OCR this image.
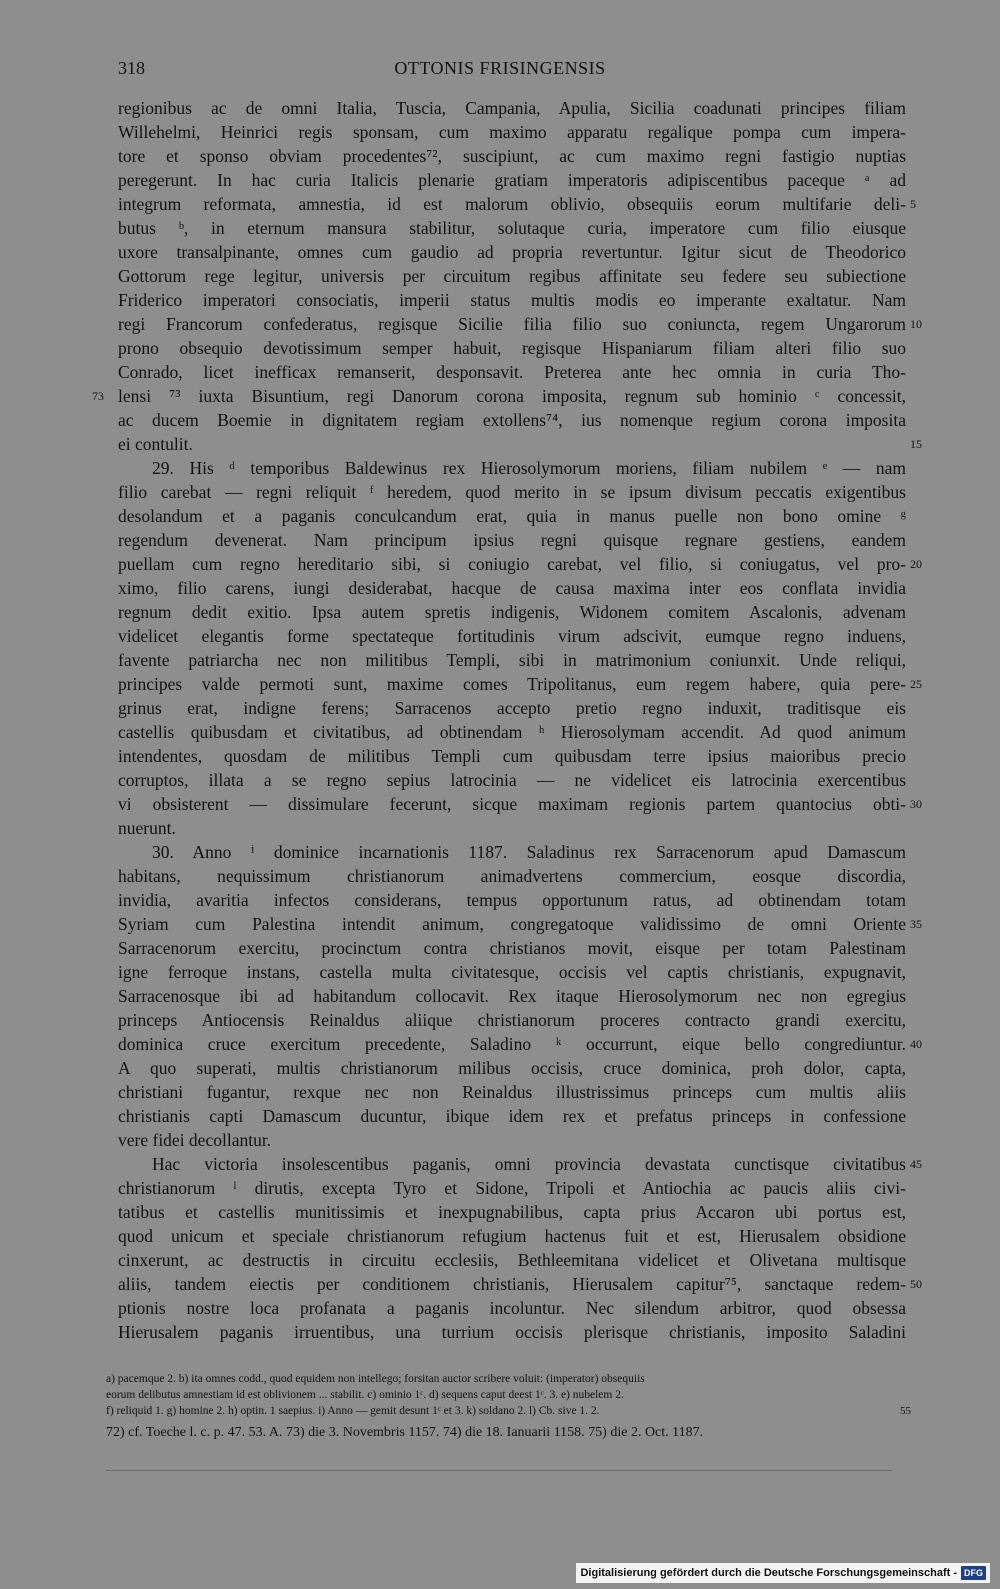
318	OTTONIS FRISINGENSIS
regionibus ac de omni Italia, Tuscia, Campania, Apulia, Sicilia coadunati principes filiam
Willehelmi, Heinrici regis sponsam, cum maximo apparatu regalique pompa cum impera-
tore et sponso obviam procedentes⁷², suscipiunt, ac cum maximo regni fastigio nuptias
peregerunt. In hac curia Italicis plenarie gratiam imperatoris adipiscentibus paceque ᵃ ad
integrum reformata, amnestia, id est malorum oblivio, obsequiis eorum multifarie deli- 5
butus ᵇ, in eternum mansura stabilitur, solutaque curia, imperatore cum filio eiusque
uxore transalpinante, omnes cum gaudio ad propria revertuntur. Igitur sicut de Theodorico
Gottorum rege legitur, universis per circuitum regibus affinitate seu federe seu subiectione
Friderico imperatori consociatis, imperii status multis modis eo imperante exaltatur. Nam
regi Francorum confederatus, regisque Sicilie filia filio suo coniuncta, regem Ungarorum 10
prono obsequio devotissimum semper habuit, regisque Hispaniarum filiam alteri filio suo
Conrado, licet inefficax remanserit, desponsavit. Preterea ante hec omnia in curia Tho-
lensi ⁷³ iuxta Bisuntium, regi Danorum corona imposita, regnum sub hominio ᶜ concessit,
73
ac ducem Boemie in dignitatem regiam extollens⁷⁴, ius nomenque regium corona imposita
ei contulit.	15
29. His ᵈ temporibus Baldewinus rex Hierosolymorum moriens, filiam nubilem ᵉ — nam
filio carebat — regni reliquit ᶠ heredem, quod merito in se ipsum divisum peccatis exigentibus
desolandum et a paganis conculcandum erat, quia in manus puelle non bono omine ᵍ
regendum devenerat. Nam principum ipsius regni quisque regnare gestiens, eandem
puellam cum regno hereditario sibi, si coniugio carebat, vel filio, si coniugatus, vel pro- 20
ximo, filio carens, iungi desiderabat, hacque de causa maxima inter eos conflata invidia
regnum dedit exitio. Ipsa autem spretis indigenis, Widonem comitem Ascalonis, advenam
videlicet elegantis forme spectateque fortitudinis virum adscivit, eumque regno induens,
favente patriarcha nec non militibus Templi, sibi in matrimonium coniunxit. Unde reliqui,
principes valde permoti sunt, maxime comes Tripolitanus, eum regem habere, quia pere- 25
grinus erat, indigne ferens; Sarracenos accepto pretio regno induxit, traditisque eis
castellis quibusdam et civitatibus, ad obtinendam ʰ Hierosolymam accendit. Ad quod animum
intendentes, quosdam de militibus Templi cum quibusdam terre ipsius maioribus precio
corruptos, illata a se regno sepius latrocinia — ne videlicet eis latrocinia exercentibus
vi obsisterent — dissimulare fecerunt, sicque maximam regionis partem quantocius obti- 30
nuerunt.
30. Anno ⁱ dominice incarnationis 1187. Saladinus rex Sarracenorum apud Damascum
habitans, nequissimum christianorum animadvertens commercium, eosque discordia,
invidia, avaritia infectos considerans, tempus opportunum ratus, ad obtinendam totam
Syriam cum Palestina intendit animum, congregatoque validissimo de omni Oriente 35
Sarracenorum exercitu, procinctum contra christianos movit, eisque per totam Palestinam
igne ferroque instans, castella multa civitatesque, occisis vel captis christianis, expugnavit,
Sarracenosque ibi ad habitandum collocavit. Rex itaque Hierosolymorum nec non egregius
princeps Antiocensis Reinaldus aliique christianorum proceres contracto grandi exercitu,
dominica cruce exercitum precedente, Saladino ᵏ occurrunt, eique bello congrediuntur. 40
A quo superati, multis christianorum milibus occisis, cruce dominica, proh dolor, capta,
christiani fugantur, rexque nec non Reinaldus illustrissimus princeps cum multis aliis
christianis capti Damascum ducuntur, ibique idem rex et prefatus princeps in confessione
vere fidei decollantur.
Hac victoria insolescentibus paganis, omni provincia devastata cunctisque civitatibus 45
christianorum ˡ dirutis, excepta Tyro et Sidone, Tripoli et Antiochia ac paucis aliis civi-
tatibus et castellis munitissimis et inexpugnabilibus, capta prius Accaron ubi portus est,
quod unicum et speciale christianorum refugium hactenus fuit et est, Hierusalem obsidione
cinxerunt, ac destructis in circuitu ecclesiis, Bethleemitana videlicet et Olivetana multisque
aliis, tandem eiectis per conditionem christianis, Hierusalem capitur⁷⁵, sanctaque redem- 50
ptionis nostre loca profanata a paganis incoluntur. Nec silendum arbitror, quod obsessa
Hierusalem paganis irruentibus, una turrium occisis plerisque christianis, imposito Saladini
a) pacemque 2. b) ita omnes codd., quod equidem non intellego; forsitan auctor scribere voluit: (imperator) obsequiis
eorum delibutus amnestiam id est oblivionem ... stabilit. c) ominio 1ᶜ. d) sequens caput deest 1ᶜ. 3. e) nubelem 2.
f) reliquid 1. g) homine 2. h) optin. 1 saepius. i) Anno — gemit desunt 1ᶜ et 3. k) soldano 2. l) Cb. sive 1. 2.	55
72) cf. Toeche l. c. p. 47. 53. A. 73) die 3. Novembris 1157. 74) die 18. Ianuarii 1158. 75) die 2. Oct. 1187.
Digitalisierung gefördert durch die Deutsche Forschungsgemeinschaft - DFG
